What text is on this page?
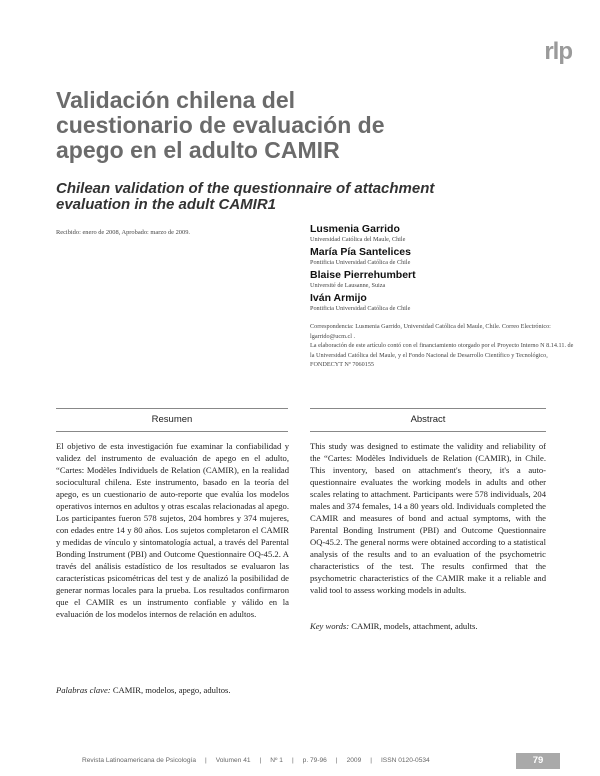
rlp
Validación chilena del
cuestionario de evaluación de
apego en el adulto CAMIR
Chilean validation of the questionnaire of attachment
evaluation in the adult CAMIR1
Recibido: enero de 2008, Aprobado: marzo de 2009.	Lusmenia Garrido
Universidad Católica del Maule, Chile
María Pía Santelices
Pontificia Universidad Católica de Chile
Blaise Pierrehumbert
Université de Lausanne, Suiza
Iván Armijo
Pontificia Universidad Católica de Chile

Correspondencia: Lusmenia Garrido, Universidad Católica del Maule, Chile. Correo Electrónico: lgarrido@ucm.cl .

La elaboración de este artículo contó con el financiamiento otorgado por el Proyecto Interno N 8.14.11. de la Universidad Católica del Maule, y el Fondo Nacional de Desarrollo Científico y Tecnológico, FONDECYT Nº 7060155

Resumen	Abstract

El objetivo de esta investigación fue examinar la confiabilidad y validez del instrumento de evaluación de apego en el adulto, “Cartes: Modèles Individuels de Relation (CAMIR), en la realidad sociocultural chilena. Este instrumento, basado en la teoría del apego, es un cuestionario de auto-reporte que evalúa los modelos operativos internos en adultos y otras escalas relacionadas al apego. Los participantes fueron 578 sujetos, 204 hombres y 374 mujeres, con edades entre 14 y 80 años. Los sujetos completaron el CAMIR y medidas de vínculo y sintomatología actual, a través del Parental Bonding Instrument (PBI) and Outcome Questionnaire OQ-45.2. A través del análisis estadístico de los resultados se evaluaron las características psicométricas del test y de analizó la posibilidad de generar normas locales para la prueba. Los resultados confirmaron que el CAMIR es un instrumento confiable y válido en la evaluación de los modelos internos de relación en adultos.

This study was designed to estimate the validity and reliability of the “Cartes: Modèles Individuels de Relation (CAMIR), in Chile. This inventory, based on attachment's theory, it's a auto-questionnaire evaluates the working models in adults and other scales relating to attachment. Participants were 578 individuals, 204 males and 374 females, 14 a 80 years old. Individuals completed the CAMIR and measures of bond and actual symptoms, with the Parental Bonding Instrument (PBI) and Outcome Questionnaire OQ-45.2. The general norms were obtained according to a statistical analysis of the results and to an evaluation of the psychometric characteristics of the test. The results confirmed that the psychometric characteristics of the CAMIR make it a reliable and valid tool to assess working models in adults.

Palabras clave: CAMIR, modelos, apego, adultos.

Key words: CAMIR, models, attachment, adults.

Revista Latinoamericana de Psicología | Volumen 41 | Nº 1 | p. 79-96 | 2009 | ISSN 0120-0534	79
